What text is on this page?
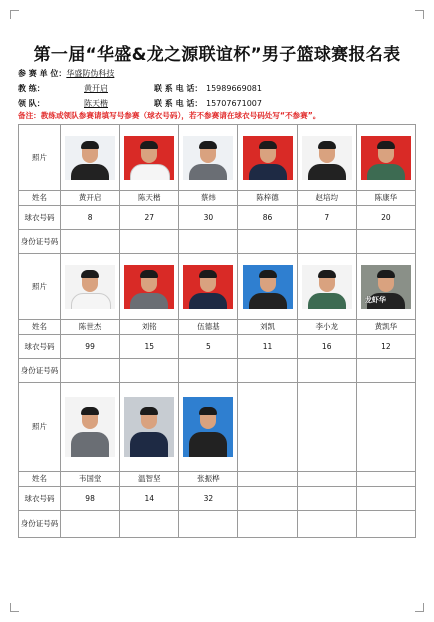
第一届“华盛&龙之源联谊杯”男子篮球赛报名表
参 赛 单 位：华盛防伪科技
教 练：	黄开启	联 系 电 话： 15989669081
领 队：	陈天楷	联 系 电 话： 15707671007
备注：教练或领队参赛请填写号参赛（球衣号码），若不参赛请在球衣号码处写“不参赛”。
照片	

姓名	黄开启	陈天楷	蔡炜	陈梓德	赵培均	陈康华
球衣号码	8	27	30	86	7	20
身份证号码						
照片						龙虾华

姓名	陈世杰	刘铭	伍德基	刘凯	李小龙	黄凯华
球衣号码	99	15	5	11	16	12
身份证号码						
照片	

姓名	韦国堂	温智坚	张振桦			
球衣号码	98	14	32			
身份证号码						
